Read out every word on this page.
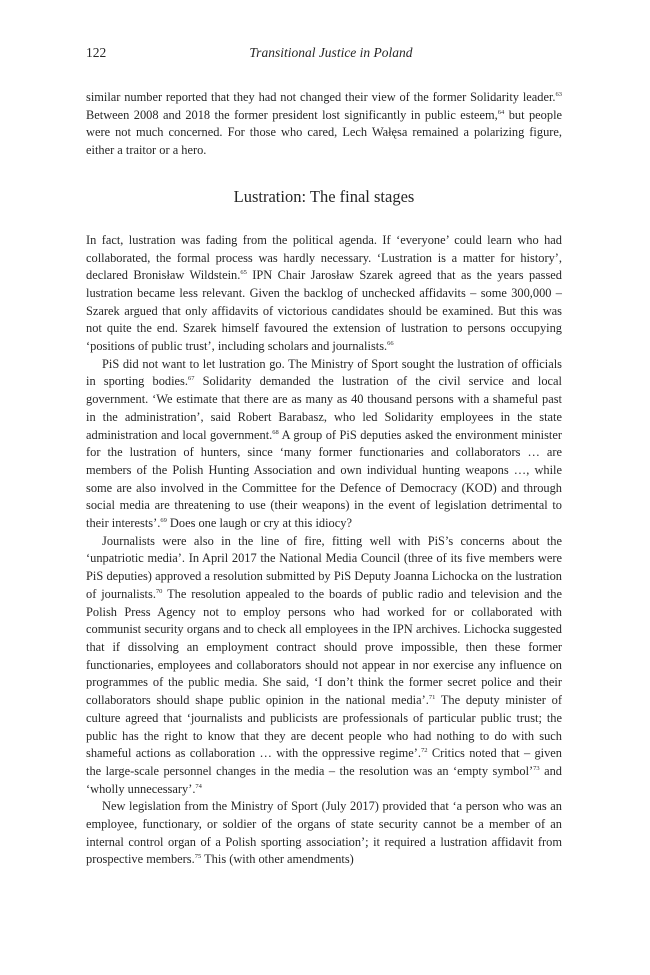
122	Transitional Justice in Poland

similar number reported that they had not changed their view of the former Solidarity leader.$^{63}$ Between 2008 and 2018 the former president lost significantly in public esteem,$^{64}$ but people were not much concerned. For those who cared, Lech Wałęsa remained a polarizing figure, either a traitor or a hero.

Lustration: The final stages

In fact, lustration was fading from the political agenda. If ‘everyone’ could learn who had collaborated, the formal process was hardly necessary. ‘Lustration is a matter for history’, declared Bronisław Wildstein.$^{65}$ IPN Chair Jarosław Szarek agreed that as the years passed lustration became less relevant. Given the backlog of unchecked affidavits – some 300,000 – Szarek argued that only affidavits of victorious candidates should be examined. But this was not quite the end. Szarek himself favoured the extension of lustration to persons occupying ‘positions of public trust’, including scholars and journalists.$^{66}$

PiS did not want to let lustration go. The Ministry of Sport sought the lustration of officials in sporting bodies.$^{67}$ Solidarity demanded the lustration of the civil service and local government. ‘We estimate that there are as many as 40 thousand persons with a shameful past in the administration’, said Robert Barabasz, who led Solidarity employees in the state administration and local government.$^{68}$ A group of PiS deputies asked the environment minister for the lustration of hunters, since ‘many former functionaries and collaborators … are members of the Polish Hunting Association and own individual hunting weapons …, while some are also involved in the Committee for the Defence of Democracy (KOD) and through social media are threatening to use (their weapons) in the event of legislation detrimental to their interests’.$^{69}$ Does one laugh or cry at this idiocy?

Journalists were also in the line of fire, fitting well with PiS’s concerns about the ‘unpatriotic media’. In April 2017 the National Media Council (three of its five members were PiS deputies) approved a resolution submitted by PiS Deputy Joanna Lichocka on the lustration of journalists.$^{70}$ The resolution appealed to the boards of public radio and television and the Polish Press Agency not to employ persons who had worked for or collaborated with communist security organs and to check all employees in the IPN archives. Lichocka suggested that if dissolving an employment contract should prove impossible, then these former functionaries, employees and collaborators should not appear in nor exercise any influence on programmes of the public media. She said, ‘I don’t think the former secret police and their collaborators should shape public opinion in the national media’.$^{71}$ The deputy minister of culture agreed that ‘journalists and publicists are professionals of particular public trust; the public has the right to know that they are decent people who had nothing to do with such shameful actions as collaboration … with the oppressive regime’.$^{72}$ Critics noted that – given the large-scale personnel changes in the media – the resolution was an ‘empty symbol’$^{73}$ and ‘wholly unnecessary’.$^{74}$

New legislation from the Ministry of Sport (July 2017) provided that ‘a person who was an employee, functionary, or soldier of the organs of state security cannot be a member of an internal control organ of a Polish sporting association’; it required a lustration affidavit from prospective members.$^{75}$ This (with other amendments)
